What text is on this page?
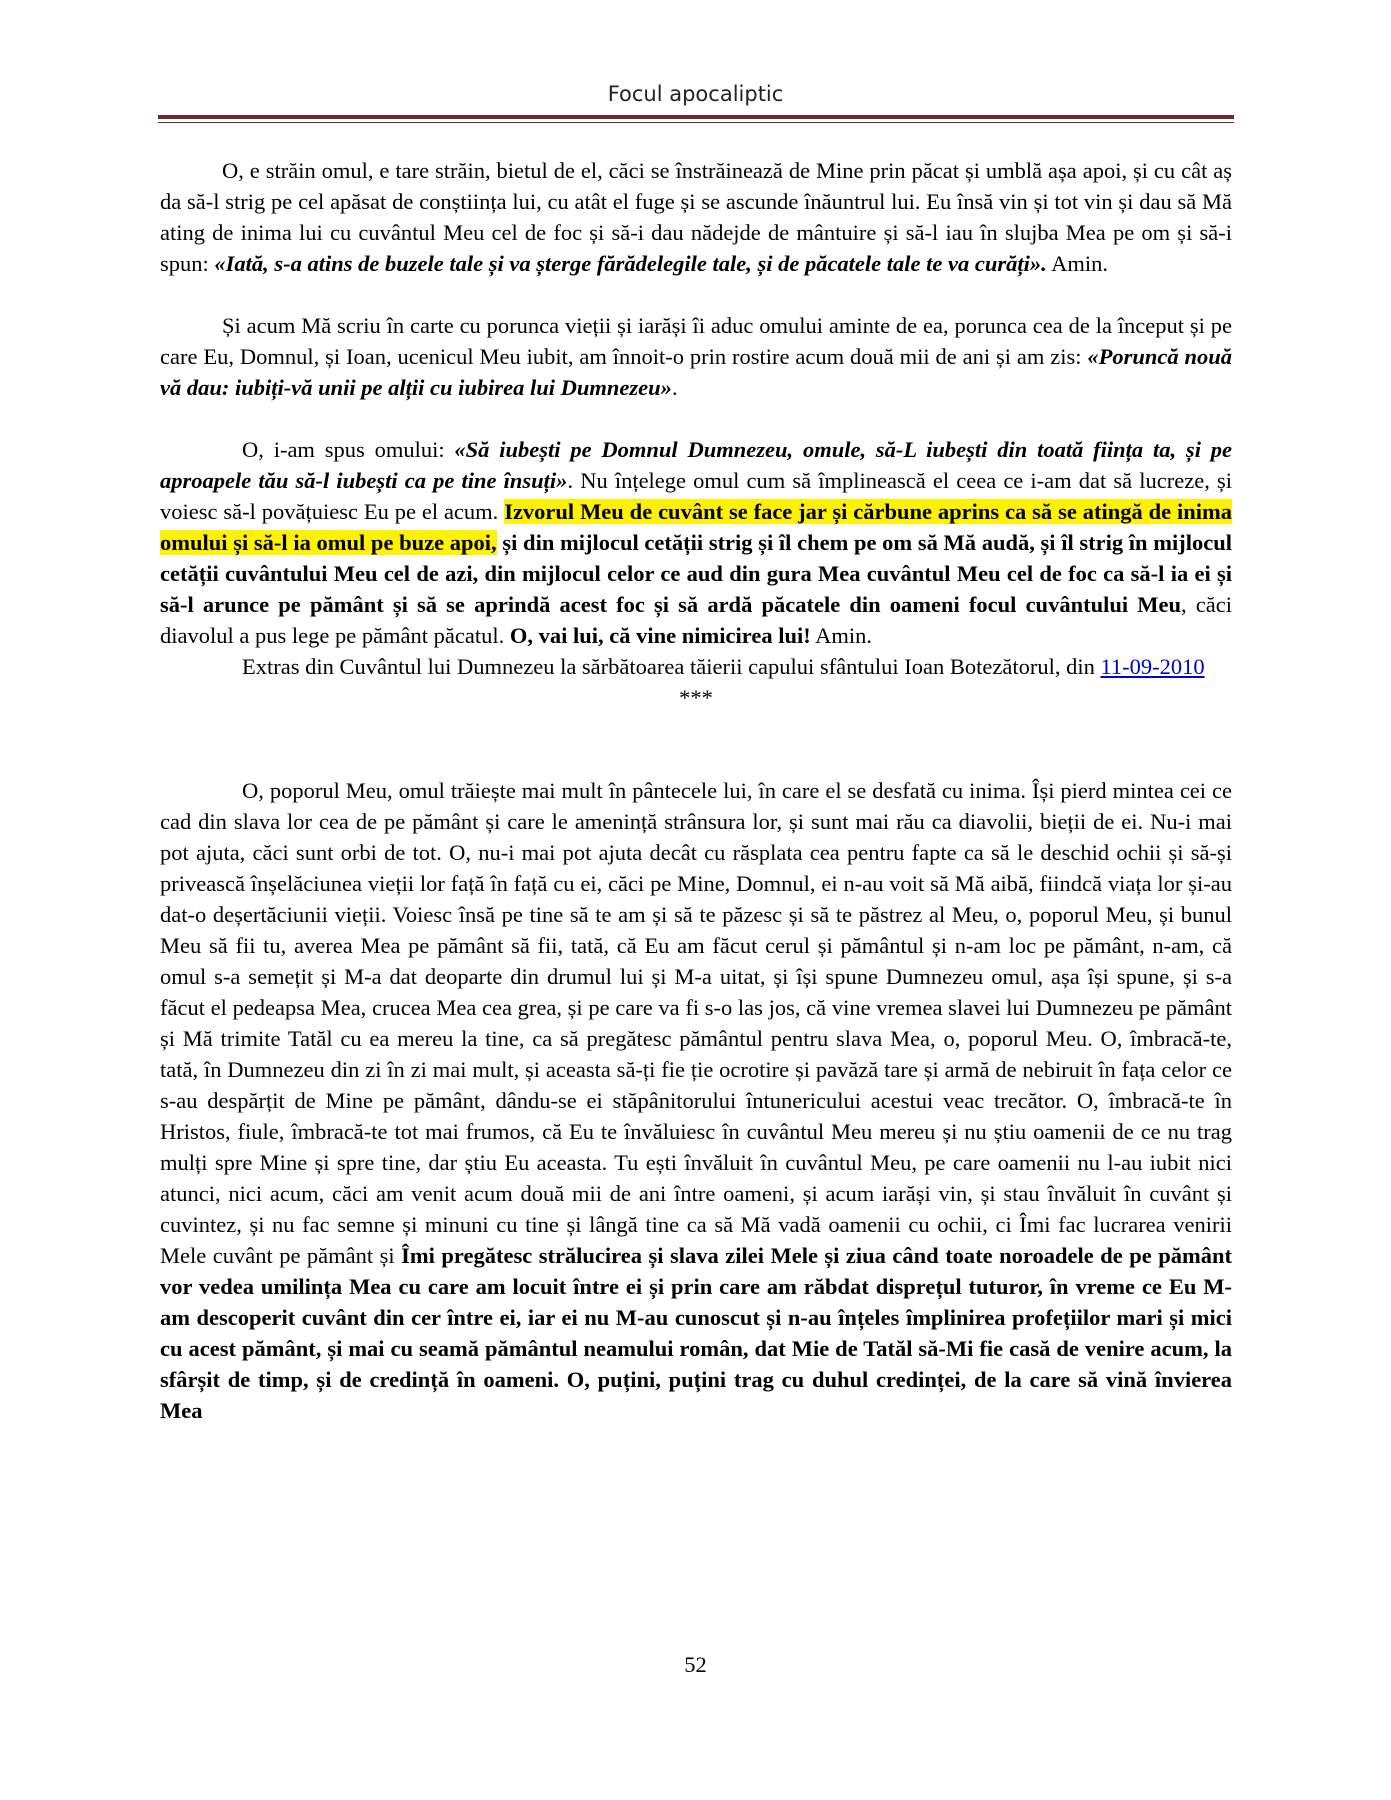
Focul apocaliptic

O, e străin omul, e tare străin, bietul de el, căci se înstrăinează de Mine prin păcat și umblă așa apoi, și cu cât aș da să-l strig pe cel apăsat de conștiința lui, cu atât el fuge și se ascunde înăuntrul lui. Eu însă vin și tot vin și dau să Mă ating de inima lui cu cuvântul Meu cel de foc și să-i dau nădejde de mântuire și să-l iau în slujba Mea pe om și să-i spun: «Iată, s-a atins de buzele tale și va șterge fărădelegile tale, și de păcatele tale te va curăți». Amin.

Și acum Mă scriu în carte cu porunca vieții și iarăși îi aduc omului aminte de ea, porunca cea de la început și pe care Eu, Domnul, și Ioan, ucenicul Meu iubit, am înnoit-o prin rostire acum două mii de ani și am zis: «Poruncă nouă vă dau: iubiți-vă unii pe alții cu iubirea lui Dumnezeu».

O, i-am spus omului: «Să iubești pe Domnul Dumnezeu, omule, să-L iubești din toată ființa ta, și pe aproapele tău să-l iubești ca pe tine însuți». Nu înțelege omul cum să împlinească el ceea ce i-am dat să lucreze, și voiesc să-l povățuiesc Eu pe el acum. Izvorul Meu de cuvânt se face jar și cărbune aprins ca să se atingă de inima omului și să-l ia omul pe buze apoi, și din mijlocul cetății strig și îl chem pe om să Mă audă, și îl strig în mijlocul cetății cuvântului Meu cel de azi, din mijlocul celor ce aud din gura Mea cuvântul Meu cel de foc ca să-l ia ei și să-l arunce pe pământ și să se aprindă acest foc și să ardă păcatele din oameni focul cuvântului Meu, căci diavolul a pus lege pe pământ păcatul. O, vai lui, că vine nimicirea lui! Amin.

Extras din Cuvântul lui Dumnezeu la sărbătoarea tăierii capului sfântului Ioan Botezătorul, din 11-09-2010

***

O, poporul Meu, omul trăiește mai mult în pântecele lui, în care el se desfată cu inima. Își pierd mintea cei ce cad din slava lor cea de pe pământ și care le amenință strânsura lor, și sunt mai rău ca diavolii, bieții de ei. Nu-i mai pot ajuta, căci sunt orbi de tot. O, nu-i mai pot ajuta decât cu răsplata cea pentru fapte ca să le deschid ochii și să-și privească înșelăciunea vieții lor față în față cu ei, căci pe Mine, Domnul, ei n-au voit să Mă aibă, fiindcă viața lor și-au dat-o deșertăciunii vieții. Voiesc însă pe tine să te am și să te păzesc și să te păstrez al Meu, o, poporul Meu, și bunul Meu să fii tu, averea Mea pe pământ să fii, tată, că Eu am făcut cerul și pământul și n-am loc pe pământ, n-am, că omul s-a semețit și M-a dat deoparte din drumul lui și M-a uitat, și își spune Dumnezeu omul, așa își spune, și s-a făcut el pedeapsa Mea, crucea Mea cea grea, și pe care va fi s-o las jos, că vine vremea slavei lui Dumnezeu pe pământ și Mă trimite Tatăl cu ea mereu la tine, ca să pregătesc pământul pentru slava Mea, o, poporul Meu. O, îmbracă-te, tată, în Dumnezeu din zi în zi mai mult, și aceasta să-ți fie ție ocrotire și pavăză tare și armă de nebiruit în fața celor ce s-au despărțit de Mine pe pământ, dându-se ei stăpânitorului întunericului acestui veac trecător. O, îmbracă-te în Hristos, fiule, îmbracă-te tot mai frumos, că Eu te învăluiesc în cuvântul Meu mereu și nu știu oamenii de ce nu trag mulți spre Mine și spre tine, dar știu Eu aceasta. Tu ești învăluit în cuvântul Meu, pe care oamenii nu l-au iubit nici atunci, nici acum, căci am venit acum două mii de ani între oameni, și acum iarăși vin, și stau învăluit în cuvânt și cuvintez, și nu fac semne și minuni cu tine și lângă tine ca să Mă vadă oamenii cu ochii, ci Îmi fac lucrarea venirii Mele cuvânt pe pământ și Îmi pregătesc strălucirea și slava zilei Mele și ziua când toate noroadele de pe pământ vor vedea umilința Mea cu care am locuit între ei și prin care am răbdat disprețul tuturor, în vreme ce Eu M-am descoperit cuvânt din cer între ei, iar ei nu M-au cunoscut și n-au înțeles împlinirea profețiilor mari și mici cu acest pământ, și mai cu seamă pământul neamului român, dat Mie de Tatăl să-Mi fie casă de venire acum, la sfârșit de timp, și de credință în oameni. O, puțini, puțini trag cu duhul credinței, de la care să vină învierea Mea

52
